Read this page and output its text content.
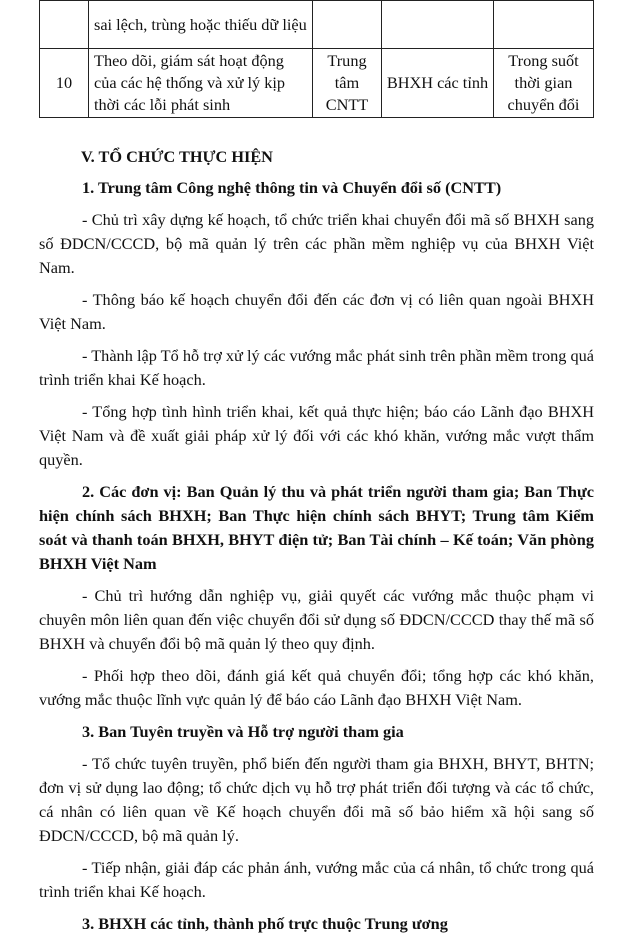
	sai lệch, trùng hoặc thiếu dữ liệu			
10	Theo dõi, giám sát hoạt động của các hệ thống và xử lý kịp thời các lỗi phát sinh	Trung tâm CNTT	BHXH các tỉnh	Trong suốt thời gian chuyển đổi
V. TỔ CHỨC THỰC HIỆN

1. Trung tâm Công nghệ thông tin và Chuyển đổi số (CNTT)

- Chủ trì xây dựng kế hoạch, tổ chức triển khai chuyển đổi mã số BHXH sang số ĐDCN/CCCD, bộ mã quản lý trên các phần mềm nghiệp vụ của BHXH Việt Nam.

- Thông báo kế hoạch chuyển đổi đến các đơn vị có liên quan ngoài BHXH Việt Nam.

- Thành lập Tổ hỗ trợ xử lý các vướng mắc phát sinh trên phần mềm trong quá trình triển khai Kế hoạch.

- Tổng hợp tình hình triển khai, kết quả thực hiện; báo cáo Lãnh đạo BHXH Việt Nam và đề xuất giải pháp xử lý đối với các khó khăn, vướng mắc vượt thẩm quyền.

2. Các đơn vị: Ban Quản lý thu và phát triển người tham gia; Ban Thực hiện chính sách BHXH; Ban Thực hiện chính sách BHYT; Trung tâm Kiểm soát và thanh toán BHXH, BHYT điện tử; Ban Tài chính – Kế toán; Văn phòng BHXH Việt Nam

- Chủ trì hướng dẫn nghiệp vụ, giải quyết các vướng mắc thuộc phạm vi chuyên môn liên quan đến việc chuyển đổi sử dụng số ĐDCN/CCCD thay thế mã số BHXH và chuyển đổi bộ mã quản lý theo quy định.

- Phối hợp theo dõi, đánh giá kết quả chuyển đổi; tổng hợp các khó khăn, vướng mắc thuộc lĩnh vực quản lý để báo cáo Lãnh đạo BHXH Việt Nam.

3. Ban Tuyên truyền và Hỗ trợ người tham gia

- Tổ chức tuyên truyền, phổ biến đến người tham gia BHXH, BHYT, BHTN; đơn vị sử dụng lao động; tổ chức dịch vụ hỗ trợ phát triển đối tượng và các tổ chức, cá nhân có liên quan về Kế hoạch chuyển đổi mã số bảo hiểm xã hội sang số ĐDCN/CCCD, bộ mã quản lý.

- Tiếp nhận, giải đáp các phản ánh, vướng mắc của cá nhân, tổ chức trong quá trình triển khai Kế hoạch.

3. BHXH các tỉnh, thành phố trực thuộc Trung ương
